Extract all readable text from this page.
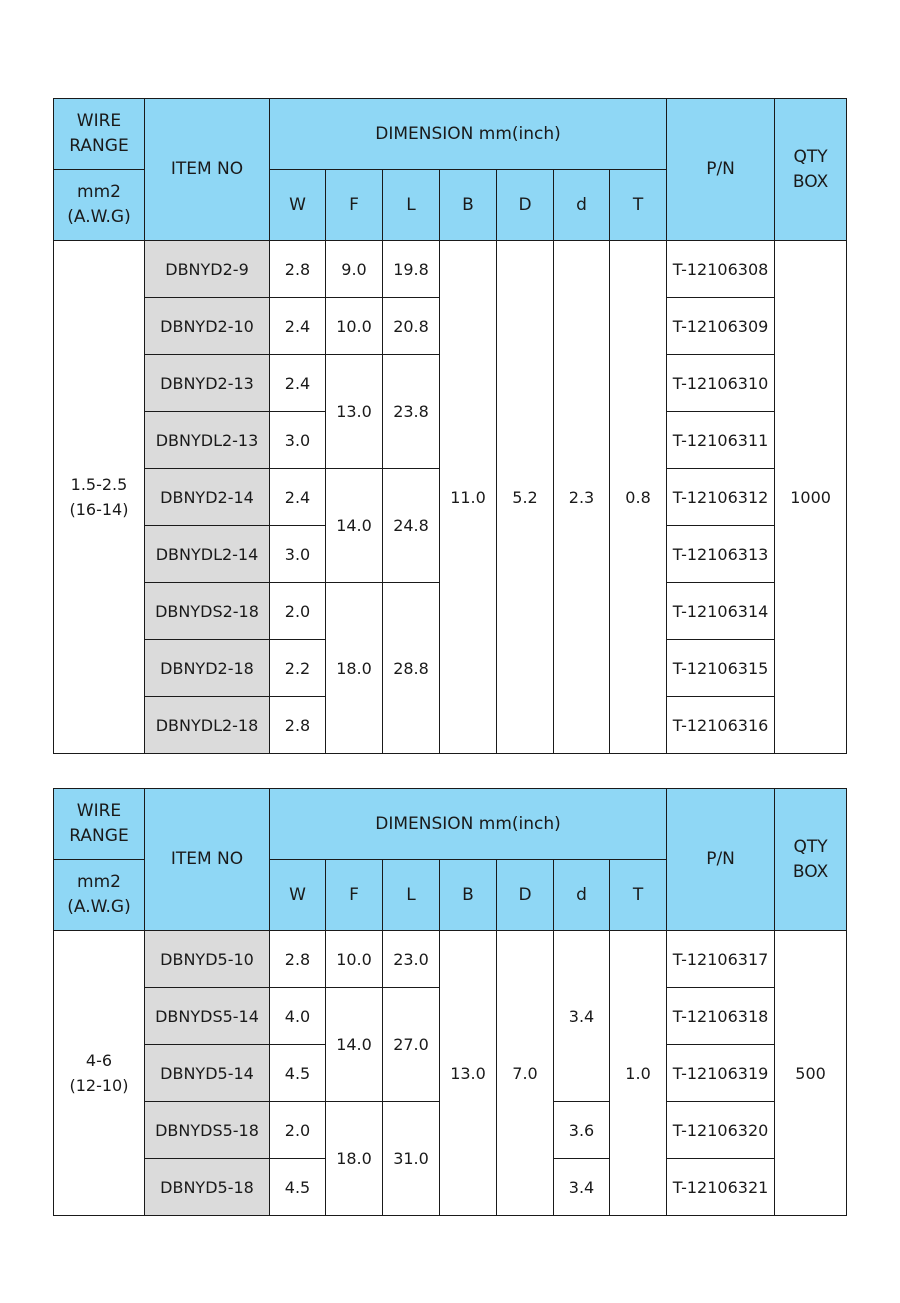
WIRE
RANGE	ITEM NO	DIMENSION mm(inch)							P/N	QTY
BOX

mm2
(A.W.G)		W	F	L	B	D	d	T		

1.5-2.5
(16-14)	DBNYD2-9	2.8	9.0	19.8	11.0	5.2	2.3	0.8	T-12106308	1000
	DBNYD2-10	2.4	10.0	20.8					T-12106309	
	DBNYD2-13	2.4	13.0	23.8					T-12106310	
	DBNYDL2-13	3.0							T-12106311	
	DBNYD2-14	2.4	14.0	24.8					T-12106312	
	DBNYDL2-14	3.0							T-12106313	
	DBNYDS2-18	2.0	18.0	28.8					T-12106314	
	DBNYD2-18	2.2							T-12106315	
	DBNYDL2-18	2.8							T-12106316	
WIRE
RANGE	ITEM NO	DIMENSION mm(inch)							P/N	QTY
BOX

mm2
(A.W.G)		W	F	L	B	D	d	T		

4-6
(12-10)	DBNYD5-10	2.8	10.0	23.0	13.0	7.0		1.0	T-12106317	500
	DBNYDS5-14	4.0	14.0	27.0			3.4		T-12106318	
	DBNYD5-14	4.5							T-12106319	
	DBNYDS5-18	2.0	18.0	31.0			3.6		T-12106320	
	DBNYD5-18	4.5					3.4		T-12106321	
